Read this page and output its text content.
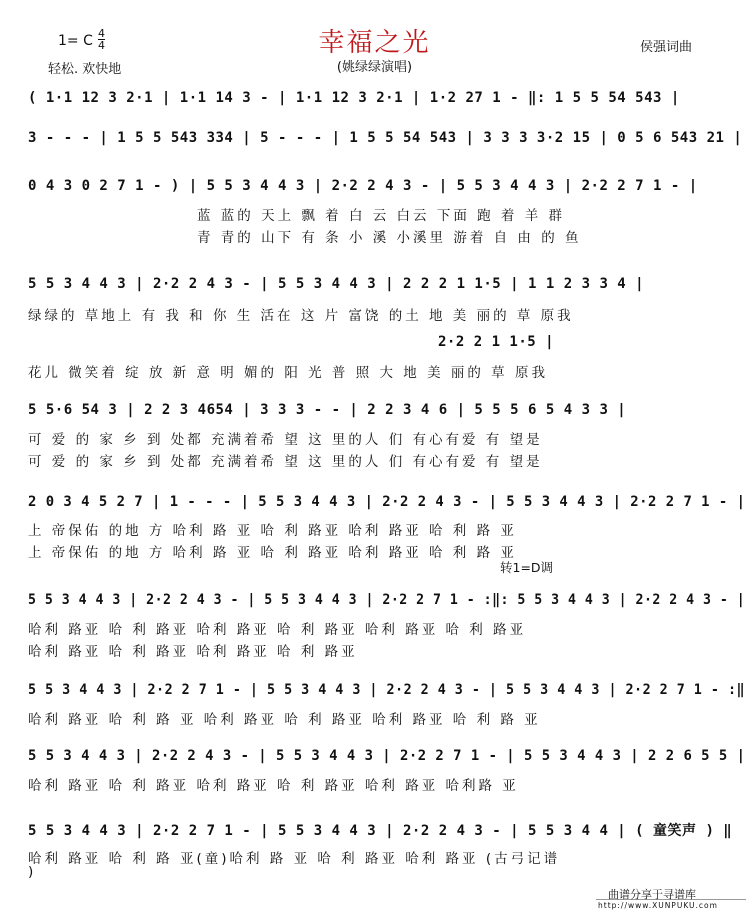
幸福之光
(姚绿绿演唱)
1= C 4
4
轻松. 欢快地
侯强词曲
( 1·1 12 3 2·1 | 1·1 14 3 - | 1·1 12 3 2·1 | 1·2 27 1 - ‖: 1 5 5 54 543 |
3 - - - | 1 5 5 543 334 | 5 - - - | 1 5 5 54 543 | 3 3 3 3·2 15 | 0 5 6 543 21 |
0 4 3 0 2 7 1 - ) | 5 5 3 4 4 3 | 2·2 2 4 3 - | 5 5 3 4 4 3 | 2·2 2 7 1 - |
蓝 蓝的 天上 飘 着 白 云 白云 下面 跑 着 羊 群
青 青的 山下 有 条 小 溪 小溪里 游着 自 由 的 鱼
5 5 3 4 4 3 | 2·2 2 4 3 - | 5 5 3 4 4 3 | 2 2 2 1 1·5 | 1 1 2 3 3 4 |
绿绿的 草地上 有 我 和 你 生 活在 这 片 富饶 的土 地 美 丽的 草 原我
2·2 2 1 1·5 |
花儿 微笑着 绽 放 新 意 明 媚的 阳 光 普 照 大 地 美 丽的 草 原我
5 5·6 54 3 | 2 2 3 4654 | 3 3 3 - - | 2 2 3 4 6 | 5 5 5 6 5 4 3 3 |
可 爱 的 家 乡 到 处都 充满着希 望 这 里的人 们 有心有爱 有 望是
可 爱 的 家 乡 到 处都 充满着希 望 这 里的人 们 有心有爱 有 望是
2 0 3 4 5 2 7 | 1 - - - | 5 5 3 4 4 3 | 2·2 2 4 3 - | 5 5 3 4 4 3 | 2·2 2 7 1 - |
上 帝保佑 的地 方 哈利 路 亚 哈 利 路亚 哈利 路亚 哈 利 路 亚
上 帝保佑 的地 方 哈利 路 亚 哈 利 路亚 哈利 路亚 哈 利 路 亚
转1=D调
5 5 3 4 4 3 | 2·2 2 4 3 - | 5 5 3 4 4 3 | 2·2 2 7 1 - :‖: 5 5 3 4 4 3 | 2·2 2 4 3 - |
哈利 路亚 哈 利 路亚 哈利 路亚 哈 利 路亚 哈利 路亚 哈 利 路亚
哈利 路亚 哈 利 路亚 哈利 路亚 哈 利 路亚
5 5 3 4 4 3 | 2·2 2 7 1 - | 5 5 3 4 4 3 | 2·2 2 4 3 - | 5 5 3 4 4 3 | 2·2 2 7 1 - :‖
哈利 路亚 哈 利 路 亚 哈利 路亚 哈 利 路亚 哈利 路亚 哈 利 路 亚
5 5 3 4 4 3 | 2·2 2 4 3 - | 5 5 3 4 4 3 | 2·2 2 7 1 - | 5 5 3 4 4 3 | 2 2 6 5 5 |
哈利 路亚 哈 利 路亚 哈利 路亚 哈 利 路亚 哈利 路亚 哈利路 亚
5 5 3 4 4 3 | 2·2 2 7 1 - | 5 5 3 4 4 3 | 2·2 2 4 3 - | 5 5 3 4 4 | ( 童笑声 ) ‖
哈利 路亚 哈 利 路 亚(童)哈利 路 亚 哈 利 路亚 哈利 路亚 (古弓记谱
)
曲谱分享于寻谱库
http://www.XUNPUKU.com
